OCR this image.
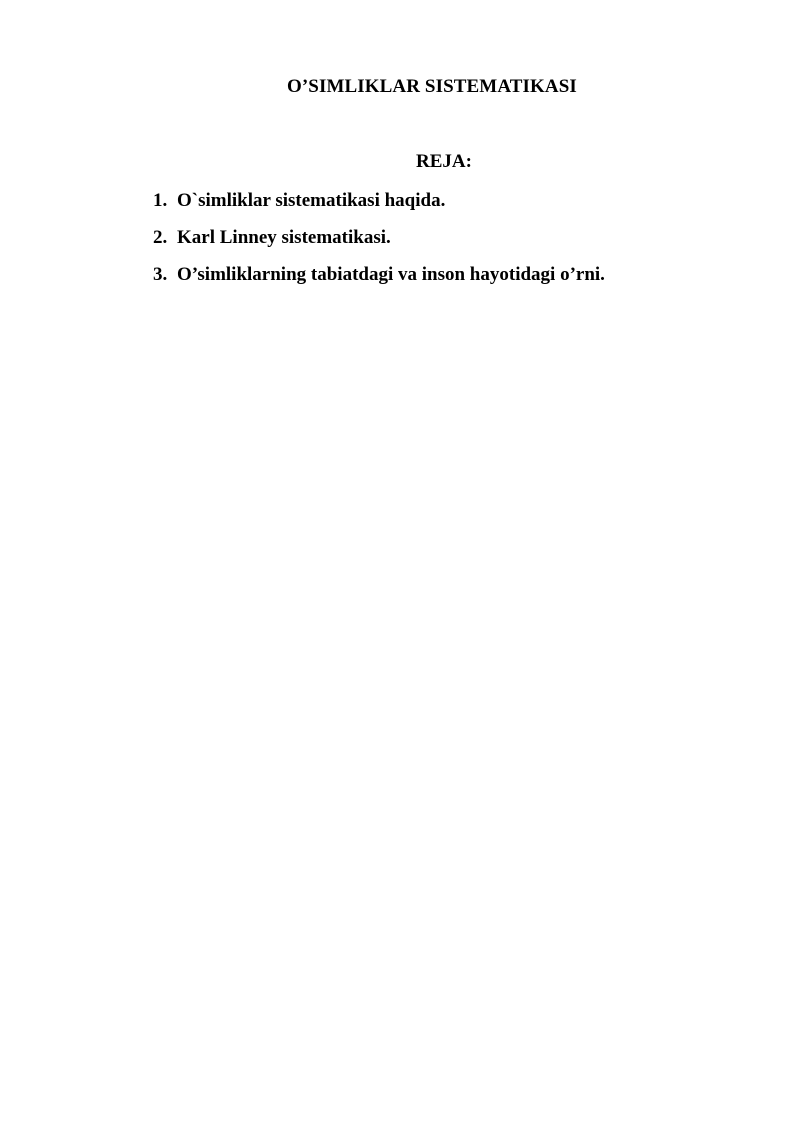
O’SIMLIKLAR SISTEMATIKASI
REJA:
1. O`simliklar sistematikasi haqida.
2. Karl Linney sistematikasi.
3. O’simliklarning tabiatdagi va inson hayotidagi o’rni.
